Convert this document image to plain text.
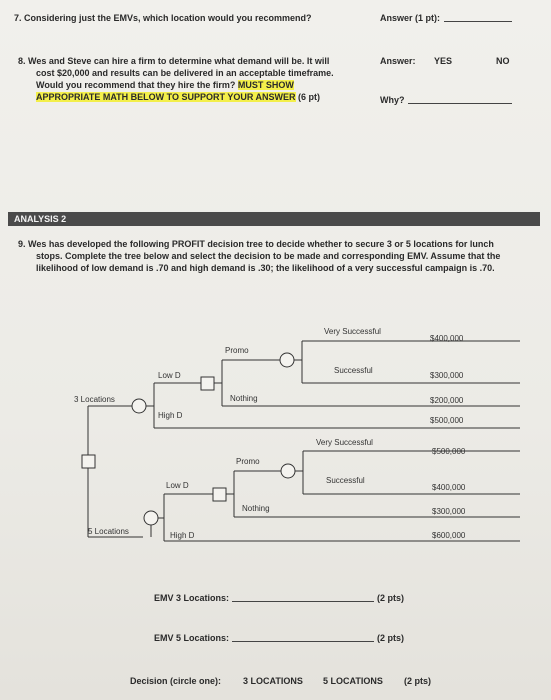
7. Considering just the EMVs, which location would you recommend?	Answer (1 pt):
8. Wes and Steve can hire a firm to determine what demand will be. It will
cost $20,000 and results can be delivered in an acceptable timeframe.
Would you recommend that they hire the firm? MUST SHOW
APPROPRIATE MATH BELOW TO SUPPORT YOUR ANSWER (6 pt)
Answer: YES	NO
Why?
ANALYSIS 2
9. Wes has developed the following PROFIT decision tree to decide whether to secure 3 or 5 locations for lunch
stops. Complete the tree below and select the decision to be made and corresponding EMV. Assume that the
likelihood of low demand is .70 and high demand is .30; the likelihood of a very successful campaign is .70.
3 Locations
5 Locations
Low D
High D
Low D
High D
Promo
Nothing
Promo
Nothing
Very Successful
Successful
Very Successful
Successful
$400,000
$300,000
$200,000
$500,000
$500,000
$400,000
$300,000
$600,000
EMV 3 Locations:	(2 pts)
EMV 5 Locations:	(2 pts)
Decision (circle one): 3 LOCATIONS 5 LOCATIONS (2 pts)
